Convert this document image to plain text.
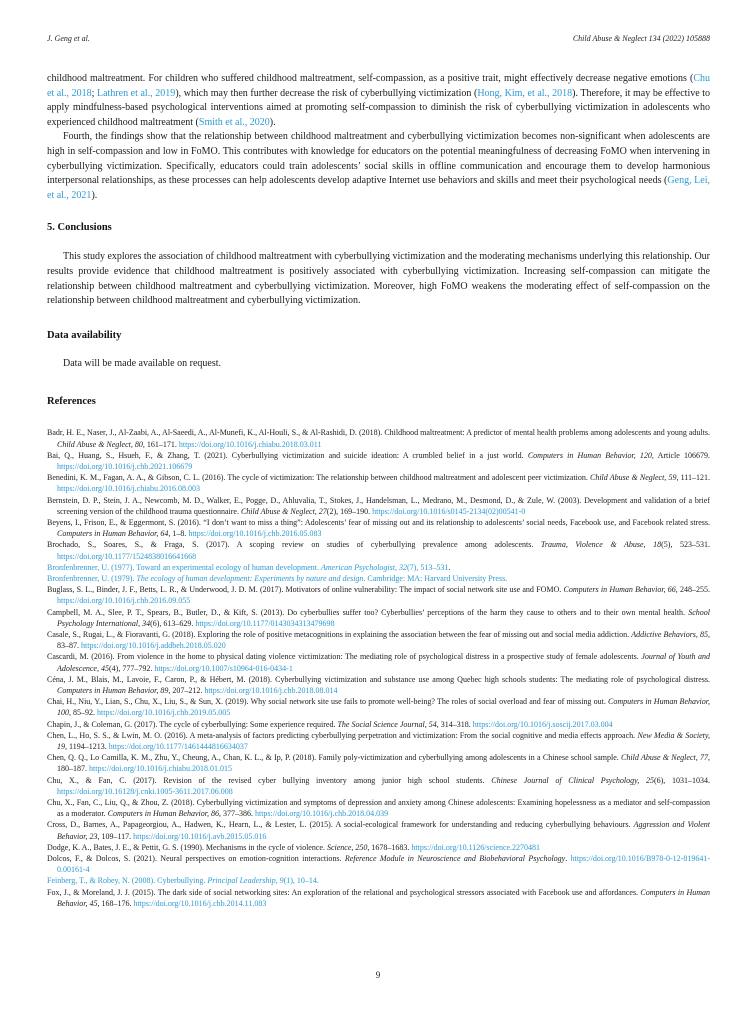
J. Geng et al.	Child Abuse & Neglect 134 (2022) 105888

childhood maltreatment. For children who suffered childhood maltreatment, self-compassion, as a positive trait, might effectively decrease negative emotions (Chu et al., 2018; Lathren et al., 2019), which may then further decrease the risk of cyberbullying victimization (Hong, Kim, et al., 2018). Therefore, it may be effective to apply mindfulness-based psychological interventions aimed at promoting self-compassion to diminish the risk of cyberbullying victimization in adolescents who experienced childhood maltreatment (Smith et al., 2020).

Fourth, the findings show that the relationship between childhood maltreatment and cyberbullying victimization becomes non-significant when adolescents are high in self-compassion and low in FoMO. This contributes with knowledge for educators on the potential meaningfulness of decreasing FoMO when intervening in cyberbullying victimization. Specifically, educators could train adolescents’ social skills in offline communication and encourage them to develop harmonious interpersonal relationships, as these processes can help adolescents develop adaptive Internet use behaviors and skills and meet their psychological needs (Geng, Lei, et al., 2021).

5. Conclusions

This study explores the association of childhood maltreatment with cyberbullying victimization and the moderating mechanisms underlying this relationship. Our results provide evidence that childhood maltreatment is positively associated with cyberbullying victimization. Increasing self-compassion can mitigate the relationship between childhood maltreatment and cyberbullying victimization. Moreover, high FoMO weakens the moderating effect of self-compassion on the relationship between childhood maltreatment and cyberbullying victimization.

Data availability

Data will be made available on request.

References

Badr, H. E., Naser, J., Al-Zaabi, A., Al-Saeedi, A., Al-Munefi, K., Al-Houli, S., & Al-Rashidi, D. (2018). Childhood maltreatment: A predictor of mental health problems among adolescents and young adults. Child Abuse & Neglect, 80, 161–171. https://doi.org/10.1016/j.chiabu.2018.03.011

Bai, Q., Huang, S., Hsueh, F., & Zhang, T. (2021). Cyberbullying victimization and suicide ideation: A crumbled belief in a just world. Computers in Human Behavior, 120, Article 106679. https://doi.org/10.1016/j.chb.2021.106679

Benedini, K. M., Fagan, A. A., & Gibson, C. L. (2016). The cycle of victimization: The relationship between childhood maltreatment and adolescent peer victimization. Child Abuse & Neglect, 59, 111–121. https://doi.org/10.1016/j.chiabu.2016.08.003

Bernstein, D. P., Stein, J. A., Newcomb, M. D., Walker, E., Pogge, D., Ahluvalia, T., Stokes, J., Handelsman, L., Medrano, M., Desmond, D., & Zule, W. (2003). Development and validation of a brief screening version of the childhood trauma questionnaire. Child Abuse & Neglect, 27(2), 169–190. https://doi.org/10.1016/s0145-2134(02)00541-0

Beyens, I., Frison, E., & Eggermont, S. (2016). “I don’t want to miss a thing”: Adolescents’ fear of missing out and its relationship to adolescents’ social needs, Facebook use, and Facebook related stress. Computers in Human Behavior, 64, 1–8. https://doi.org/10.1016/j.chb.2016.05.083

Brochado, S., Soares, S., & Fraga, S. (2017). A scoping review on studies of cyberbullying prevalence among adolescents. Trauma, Violence & Abuse, 18(5), 523–531. https://doi.org/10.1177/1524838016641668

Bronfenbrenner, U. (1977). Toward an experimental ecology of human development. American Psychologist, 32(7), 513–531.

Bronfenbrenner, U. (1979). The ecology of human development: Experiments by nature and design. Cambridge: MA: Harvard University Press.

Buglass, S. L., Binder, J. F., Betts, L. R., & Underwood, J. D. M. (2017). Motivators of online vulnerability: The impact of social network site use and FOMO. Computers in Human Behavior, 66, 248–255. https://doi.org/10.1016/j.chb.2016.09.055

Campbell, M. A., Slee, P. T., Spears, B., Butler, D., & Kift, S. (2013). Do cyberbullies suffer too? Cyberbullies’ perceptions of the harm they cause to others and to their own mental health. School Psychology International, 34(6), 613–629. https://doi.org/10.1177/0143034313479698

Casale, S., Rugai, L., & Fioravanti, G. (2018). Exploring the role of positive metacognitions in explaining the association between the fear of missing out and social media addiction. Addictive Behaviors, 85, 83–87. https://doi.org/10.1016/j.addbeh.2018.05.020

Cascardi, M. (2016). From violence in the home to physical dating violence victimization: The mediating role of psychological distress in a prospective study of female adolescents. Journal of Youth and Adolescence, 45(4), 777–792. https://doi.org/10.1007/s10964-016-0434-1

Céna, J. M., Blais, M., Lavoie, F., Caron, P., & Hébert, M. (2018). Cyberbullying victimization and substance use among Quebec high schools students: The mediating role of psychological distress. Computers in Human Behavior, 89, 207–212. https://doi.org/10.1016/j.chb.2018.08.014

Chai, H., Niu, Y., Lian, S., Chu, X., Liu, S., & Sun, X. (2019). Why social network site use fails to promote well-being? The roles of social overload and fear of missing out. Computers in Human Behavior, 100, 85–92. https://doi.org/10.1016/j.chb.2019.05.005

Chapin, J., & Coleman, G. (2017). The cycle of cyberbullying: Some experience required. The Social Science Journal, 54, 314–318. https://doi.org/10.1016/j.soscij.2017.03.004

Chen, L., Ho, S. S., & Lwin, M. O. (2016). A meta-analysis of factors predicting cyberbullying perpetration and victimization: From the social cognitive and media effects approach. New Media & Society, 19, 1194–1213. https://doi.org/10.1177/1461444816634037

Chen, Q. Q., Lo Camilla, K. M., Zhu, Y., Cheung, A., Chan, K. L., & Ip, P. (2018). Family poly-victimization and cyberbullying among adolescents in a Chinese school sample. Child Abuse & Neglect, 77, 180–187. https://doi.org/10.1016/j.chiabu.2018.01.015

Chu, X., & Fan, C. (2017). Revision of the revised cyber bullying inventory among junior high school students. Chinese Journal of Clinical Psychology, 25(6), 1031–1034. https://doi.org/10.16128/j.cnki.1005-3611.2017.06.008

Chu, X., Fan, C., Liu, Q., & Zhou, Z. (2018). Cyberbullying victimization and symptoms of depression and anxiety among Chinese adolescents: Examining hopelessness as a mediator and self-compassion as a moderator. Computers in Human Behavior, 86, 377–386. https://doi.org/10.1016/j.chb.2018.04.039

Cross, D., Barnes, A., Papageorgiou, A., Hadwen, K., Hearn, L., & Lester, L. (2015). A social-ecological framework for understanding and reducing cyberbullying behaviours. Aggression and Violent Behavior, 23, 109–117. https://doi.org/10.1016/j.avb.2015.05.016

Dodge, K. A., Bates, J. E., & Pettit, G. S. (1990). Mechanisms in the cycle of violence. Science, 250, 1678–1683. https://doi.org/10.1126/science.2270481

Dolcos, F., & Dolcos, S. (2021). Neural perspectives on emotion-cognition interactions. Reference Module in Neuroscience and Biobehavioral Psychology. https://doi.org/10.1016/B978-0-12-819641-0.00161-4

Feinberg, T., & Robey, N. (2008). Cyberbullying. Principal Leadership, 9(1), 10–14.

Fox, J., & Moreland, J. J. (2015). The dark side of social networking sites: An exploration of the relational and psychological stressors associated with Facebook use and affordances. Computers in Human Behavior, 45, 168–176. https://doi.org/10.1016/j.chb.2014.11.083

9
